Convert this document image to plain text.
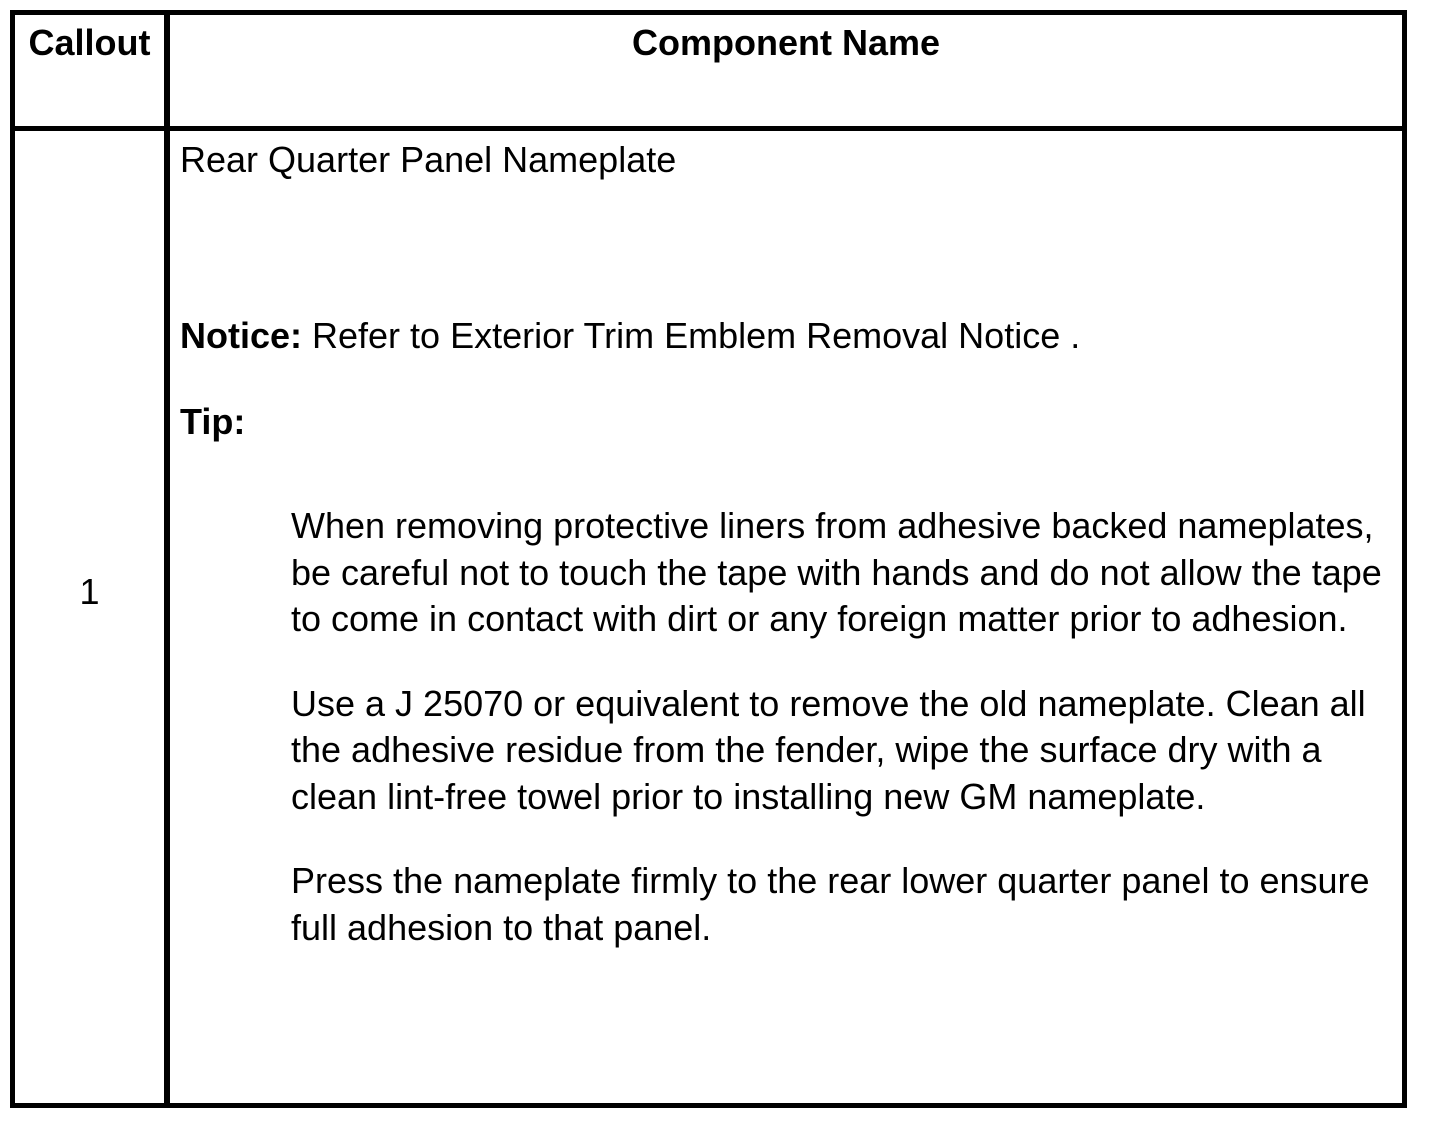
Callout	Component Name
1

Rear Quarter Panel Nameplate

Notice: Refer to Exterior Trim Emblem Removal Notice .

Tip:

When removing protective liners from adhesive backed nameplates, be careful not to touch the tape with hands and do not allow the tape to come in contact with dirt or any foreign matter prior to adhesion.

Use a J 25070 or equivalent to remove the old nameplate. Clean all the adhesive residue from the fender, wipe the surface dry with a clean lint-free towel prior to installing new GM nameplate.

Press the nameplate firmly to the rear lower quarter panel to ensure full adhesion to that panel.
